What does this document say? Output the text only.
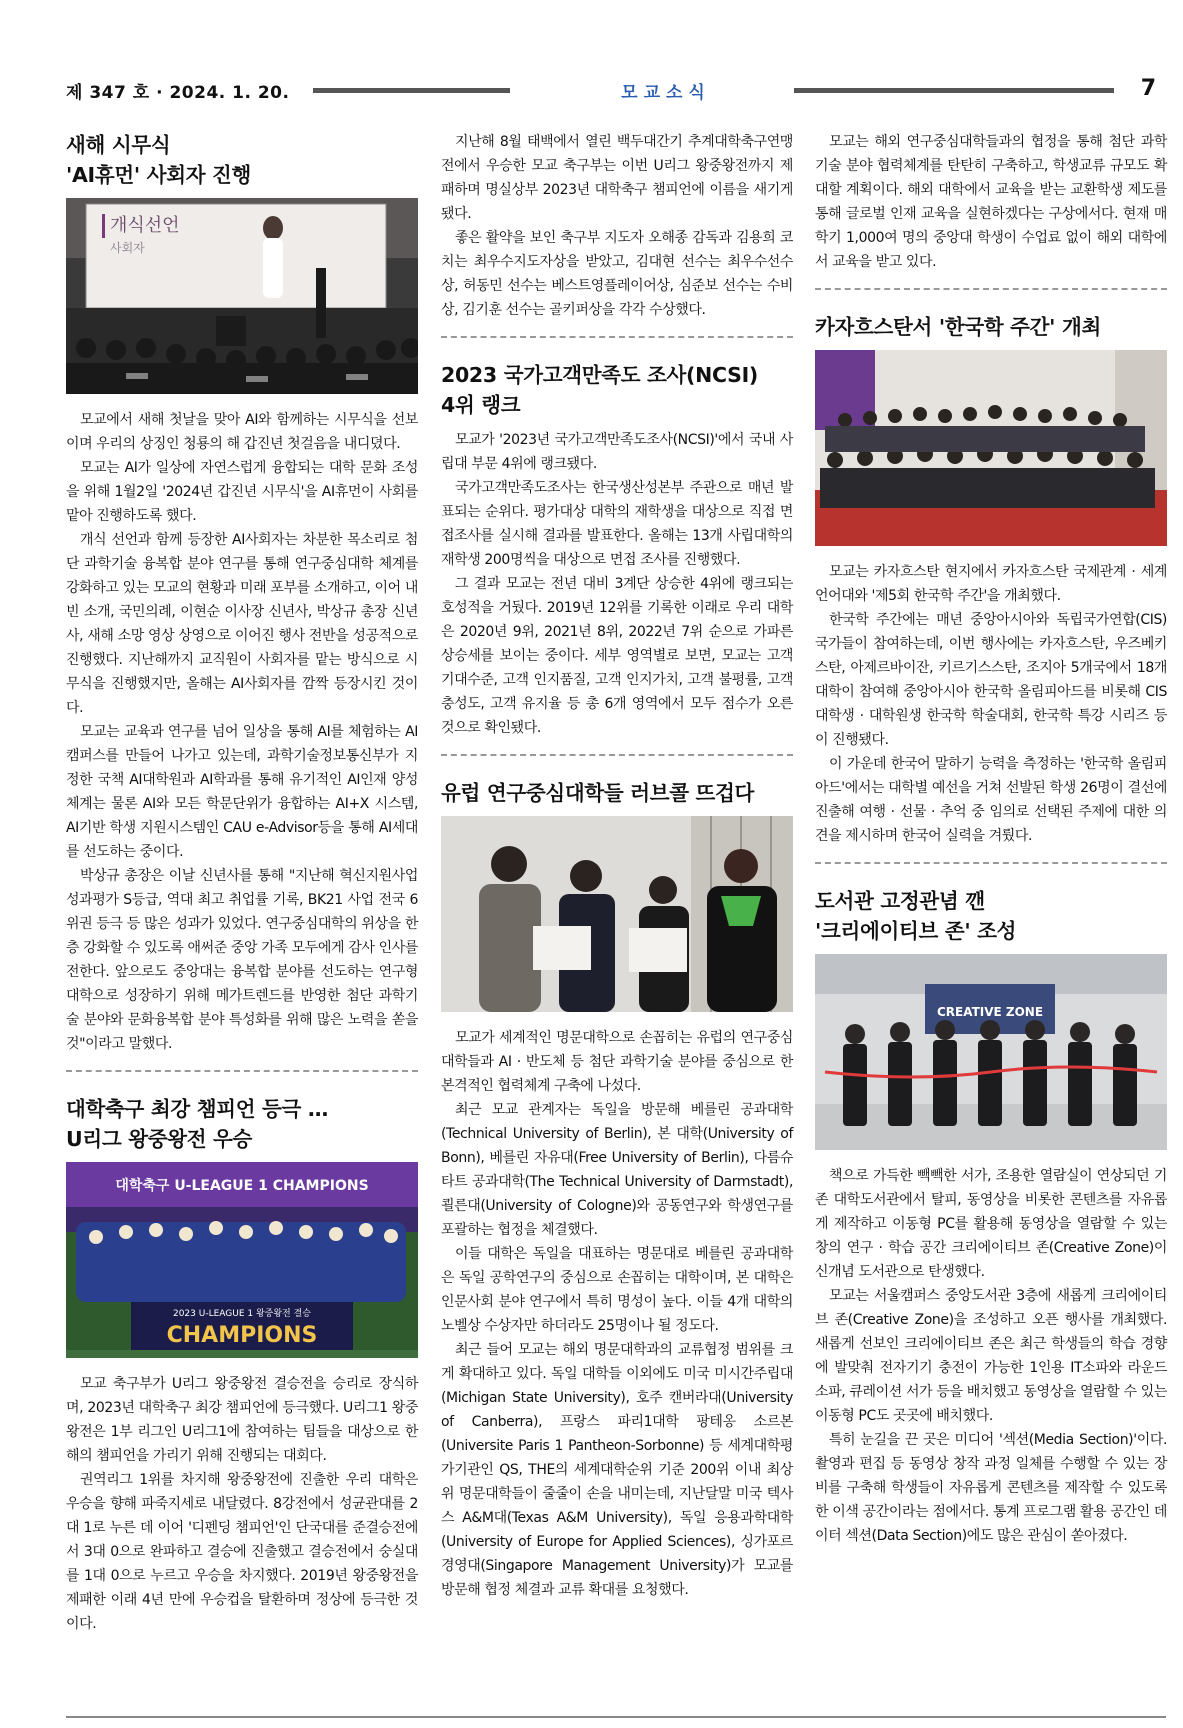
제 347 호 · 2024. 1. 20.	모교소식	7
새해 시무식
'AI휴먼' 사회자 진행
개식선언
사회자

모교에서 새해 첫날을 맞아 AI와 함께하는 시무식을 선보이며 우리의 상징인 청룡의 해 갑진년 첫걸음을 내디뎠다.

모교는 AI가 일상에 자연스럽게 융합되는 대학 문화 조성을 위해 1월2일 '2024년 갑진년 시무식'을 AI휴먼이 사회를 맡아 진행하도록 했다.

개식 선언과 함께 등장한 AI사회자는 차분한 목소리로 첨단 과학기술 융복합 분야 연구를 통해 연구중심대학 체계를 강화하고 있는 모교의 현황과 미래 포부를 소개하고, 이어 내빈 소개, 국민의례, 이현순 이사장 신년사, 박상규 총장 신년사, 새해 소망 영상 상영으로 이어진 행사 전반을 성공적으로 진행했다. 지난해까지 교직원이 사회자를 맡는 방식으로 시무식을 진행했지만, 올해는 AI사회자를 깜짝 등장시킨 것이다.

모교는 교육과 연구를 넘어 일상을 통해 AI를 체험하는 AI캠퍼스를 만들어 나가고 있는데, 과학기술정보통신부가 지정한 국책 AI대학원과 AI학과를 통해 유기적인 AI인재 양성 체계는 물론 AI와 모든 학문단위가 융합하는 AI+X 시스템, AI기반 학생 지원시스템인 CAU e-Advisor등을 통해 AI세대를 선도하는 중이다.

박상규 총장은 이날 신년사를 통해 "지난해 혁신지원사업 성과평가 S등급, 역대 최고 취업률 기록, BK21 사업 전국 6위권 등극 등 많은 성과가 있었다. 연구중심대학의 위상을 한층 강화할 수 있도록 애써준 중앙 가족 모두에게 감사 인사를 전한다. 앞으로도 중앙대는 융복합 분야를 선도하는 연구형 대학으로 성장하기 위해 메가트렌드를 반영한 첨단 과학기술 분야와 문화융복합 분야 특성화를 위해 많은 노력을 쏟을 것"이라고 말했다.

대학축구 최강 챔피언 등극 …
U리그 왕중왕전 우승
대학축구 U-LEAGUE 1 CHAMPIONS
2023 U-LEAGUE 1 왕중왕전 결승
CHAMPIONS

모교 축구부가 U리그 왕중왕전 결승전을 승리로 장식하며, 2023년 대학축구 최강 챔피언에 등극했다. U리그1 왕중왕전은 1부 리그인 U리그1에 참여하는 팀들을 대상으로 한 해의 챔피언을 가리기 위해 진행되는 대회다.

권역리그 1위를 차지해 왕중왕전에 진출한 우리 대학은 우승을 향해 파죽지세로 내달렸다. 8강전에서 성균관대를 2대 1로 누른 데 이어 '디펜딩 챔피언'인 단국대를 준결승전에서 3대 0으로 완파하고 결승에 진출했고 결승전에서 숭실대를 1대 0으로 누르고 우승을 차지했다. 2019년 왕중왕전을 제패한 이래 4년 만에 우승컵을 탈환하며 정상에 등극한 것이다.

지난해 8월 태백에서 열린 백두대간기 추계대학축구연맹전에서 우승한 모교 축구부는 이번 U리그 왕중왕전까지 제패하며 명실상부 2023년 대학축구 챔피언에 이름을 새기게 됐다.

좋은 활약을 보인 축구부 지도자 오해종 감독과 김용희 코치는 최우수지도자상을 받았고, 김대현 선수는 최우수선수상, 허동민 선수는 베스트영플레이어상, 심준보 선수는 수비상, 김기훈 선수는 골키퍼상을 각각 수상했다.

2023 국가고객만족도 조사(NCSI)
4위 랭크

모교가 '2023년 국가고객만족도조사(NCSI)'에서 국내 사립대 부문 4위에 랭크됐다.

국가고객만족도조사는 한국생산성본부 주관으로 매년 발표되는 순위다. 평가대상 대학의 재학생을 대상으로 직접 면접조사를 실시해 결과를 발표한다. 올해는 13개 사립대학의 재학생 200명씩을 대상으로 면접 조사를 진행했다.

그 결과 모교는 전년 대비 3계단 상승한 4위에 랭크되는 호성적을 거뒀다. 2019년 12위를 기록한 이래로 우리 대학은 2020년 9위, 2021년 8위, 2022년 7위 순으로 가파른 상승세를 보이는 중이다. 세부 영역별로 보면, 모교는 고객 기대수준, 고객 인지품질, 고객 인지가치, 고객 불평률, 고객 충성도, 고객 유지율 등 총 6개 영역에서 모두 점수가 오른 것으로 확인됐다.

유럽 연구중심대학들 러브콜 뜨겁다

모교가 세계적인 명문대학으로 손꼽히는 유럽의 연구중심대학들과 AI · 반도체 등 첨단 과학기술 분야를 중심으로 한 본격적인 협력체계 구축에 나섰다.

최근 모교 관계자는 독일을 방문해 베를린 공과대학(Technical University of Berlin), 본 대학(University of Bonn), 베를린 자유대(Free University of Berlin), 다름슈타트 공과대학(The Technical University of Darmstadt), 쾰른대(University of Cologne)와 공동연구와 학생연구를 포괄하는 협정을 체결했다.

이들 대학은 독일을 대표하는 명문대로 베를린 공과대학은 독일 공학연구의 중심으로 손꼽히는 대학이며, 본 대학은 인문사회 분야 연구에서 특히 명성이 높다. 이들 4개 대학의 노벨상 수상자만 하더라도 25명이나 될 정도다.

최근 들어 모교는 해외 명문대학과의 교류협정 범위를 크게 확대하고 있다. 독일 대학들 이외에도 미국 미시간주립대(Michigan State University), 호주 캔버라대(University of Canberra), 프랑스 파리1대학 팡테옹 소르본(Universite Paris 1 Pantheon-Sorbonne) 등 세계대학평가기관인 QS, THE의 세계대학순위 기준 200위 이내 최상위 명문대학들이 줄줄이 손을 내미는데, 지난달말 미국 텍사스 A&M대(Texas A&M University), 독일 응용과학대학(University of Europe for Applied Sciences), 싱가포르경영대(Singapore Management University)가 모교를 방문해 협정 체결과 교류 확대를 요청했다.

모교는 해외 연구중심대학들과의 협정을 통해 첨단 과학기술 분야 협력체계를 탄탄히 구축하고, 학생교류 규모도 확대할 계획이다. 해외 대학에서 교육을 받는 교환학생 제도를 통해 글로벌 인재 교육을 실현하겠다는 구상에서다. 현재 매 학기 1,000여 명의 중앙대 학생이 수업료 없이 해외 대학에서 교육을 받고 있다.

카자흐스탄서 '한국학 주간' 개최

모교는 카자흐스탄 현지에서 카자흐스탄 국제관계 · 세계언어대와 '제5회 한국학 주간'을 개최했다.

한국학 주간에는 매년 중앙아시아와 독립국가연합(CIS) 국가들이 참여하는데, 이번 행사에는 카자흐스탄, 우즈베키스탄, 아제르바이잔, 키르기스스탄, 조지아 5개국에서 18개 대학이 참여해 중앙아시아 한국학 올림피아드를 비롯해 CIS 대학생 · 대학원생 한국학 학술대회, 한국학 특강 시리즈 등이 진행됐다.

이 가운데 한국어 말하기 능력을 측정하는 '한국학 올림피아드'에서는 대학별 예선을 거쳐 선발된 학생 26명이 결선에 진출해 여행 · 선물 · 추억 중 임의로 선택된 주제에 대한 의견을 제시하며 한국어 실력을 겨뤘다.

도서관 고정관념 깬
'크리에이티브 존' 조성
CREATIVE ZONE

책으로 가득한 빽빽한 서가, 조용한 열람실이 연상되던 기존 대학도서관에서 탈피, 동영상을 비롯한 콘텐츠를 자유롭게 제작하고 이동형 PC를 활용해 동영상을 열람할 수 있는 창의 연구 · 학습 공간 크리에이티브 존(Creative Zone)이 신개념 도서관으로 탄생했다.

모교는 서울캠퍼스 중앙도서관 3층에 새롭게 크리에이티브 존(Creative Zone)을 조성하고 오픈 행사를 개최했다. 새롭게 선보인 크리에이티브 존은 최근 학생들의 학습 경향에 발맞춰 전자기기 충전이 가능한 1인용 IT소파와 라운드 소파, 큐레이션 서가 등을 배치했고 동영상을 열람할 수 있는 이동형 PC도 곳곳에 배치했다.

특히 눈길을 끈 곳은 미디어 '섹션(Media Section)'이다. 촬영과 편집 등 동영상 창작 과정 일체를 수행할 수 있는 장비를 구축해 학생들이 자유롭게 콘텐츠를 제작할 수 있도록 한 이색 공간이라는 점에서다. 통계 프로그램 활용 공간인 데이터 섹션(Data Section)에도 많은 관심이 쏟아졌다.
